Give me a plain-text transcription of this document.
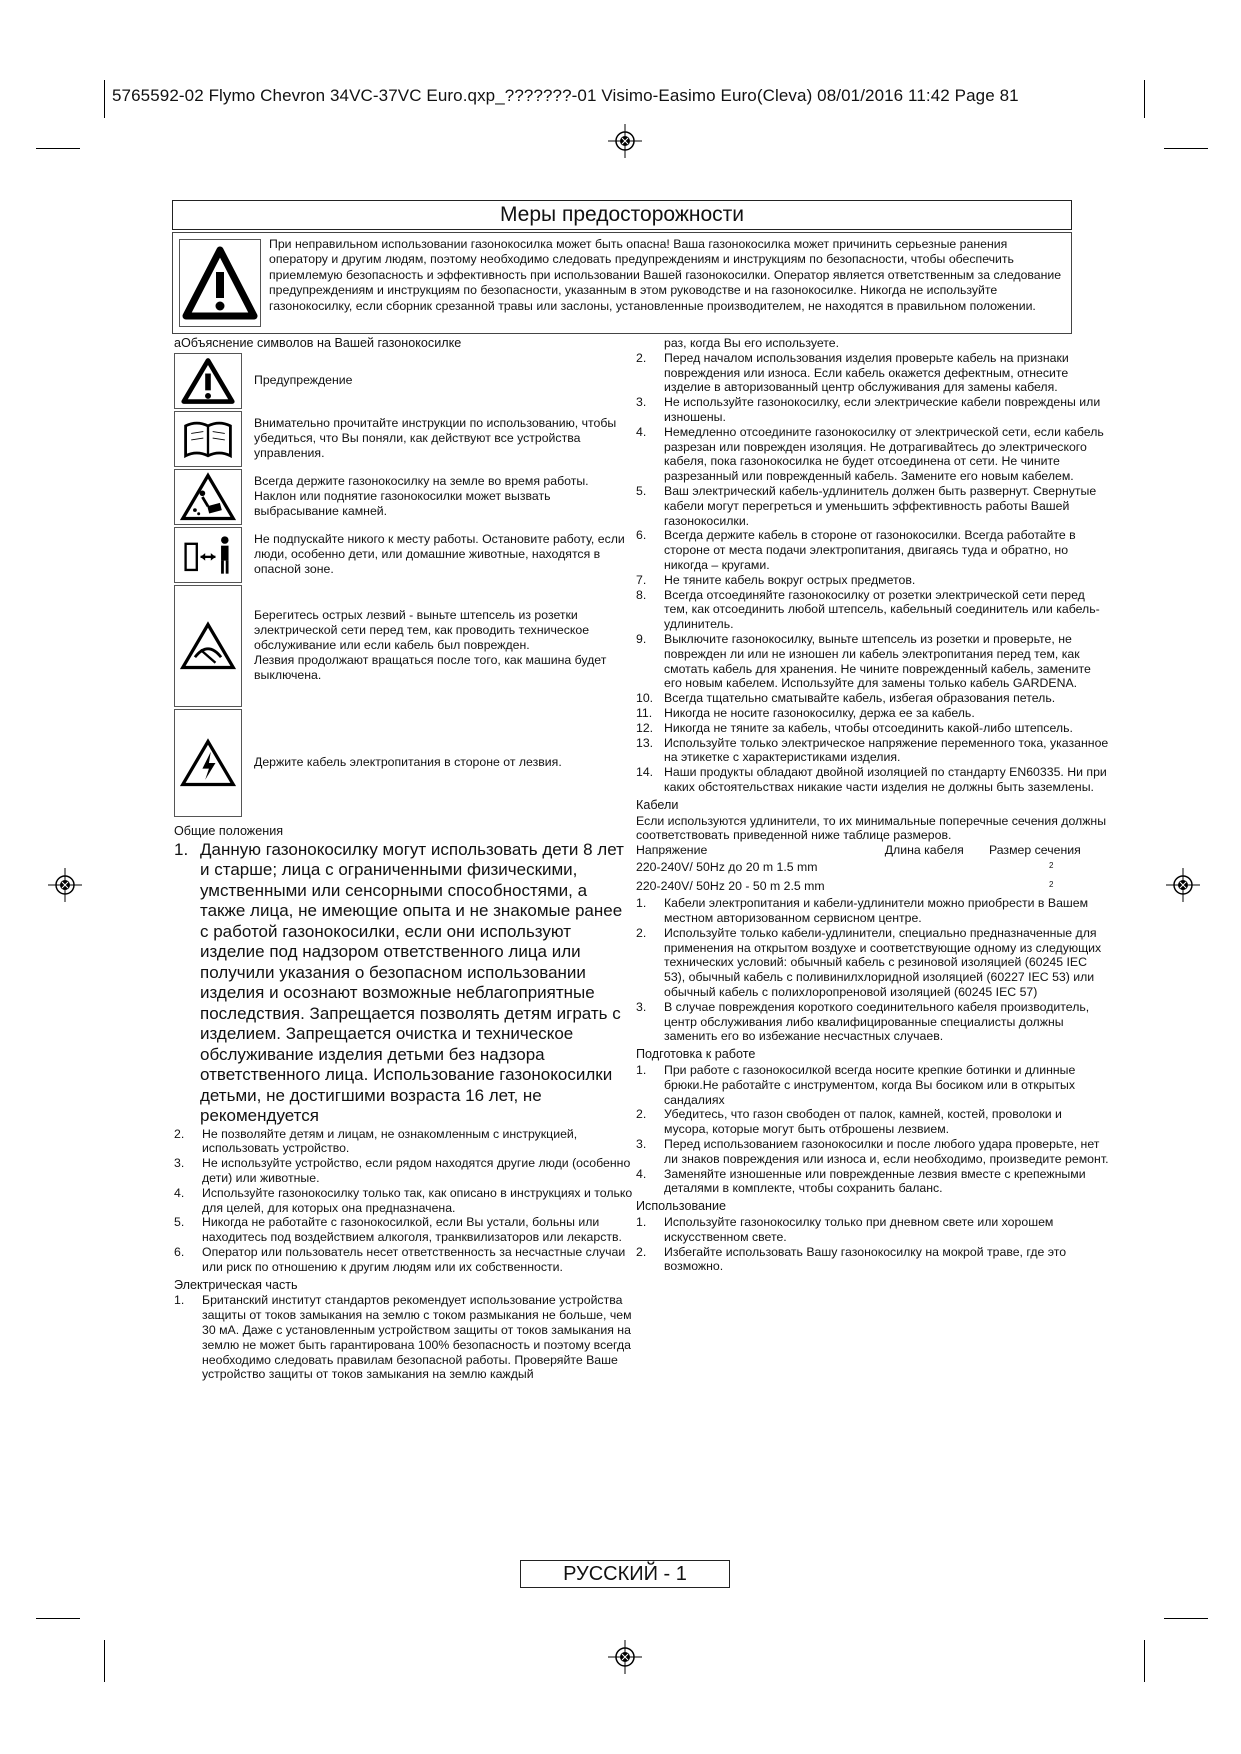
5765592-02 Flymo Chevron 34VC-37VC Euro.qxp_???????-01 Visimo-Easimo Euro(Cleva) 08/01/2016 11:42 Page 81
Меры предосторожности
При неправильном использовании газонокосилка может быть опасна! Ваша газонокосилка может причинить серьезные ранения оператору и другим людям, поэтому необходимо следовать предупреждениям и инструкциям по безопасности, чтобы обеспечить приемлемую безопасность и эффективность при использовании Вашей газонокосилки. Оператор является ответственным за следование предупреждениям и инструкциям по безопасности, указанным в этом руководстве и на газонокосилке. Никогда не используйте газонокосилку, если сборник срезанной травы или заслоны, установленные производителем, не находятся в правильном положении.
аОбъяснение символов на Вашей газонокосилке
Предупреждение
Внимательно прочитайте инструкции по использованию, чтобы убедиться, что Вы поняли, как действуют все устройства управления.
Всегда держите газонокосилку на земле во время работы. Наклон или поднятие газонокосилки может вызвать выбрасывание камней.
Не подпускайте никого к месту работы. Остановите работу, если люди, особенно дети, или домашние животные, находятся в опасной зоне.
Берегитесь острых лезвий - выньте штепсель из розетки электрической сети перед тем, как проводить техническое обслуживание или если кабель был поврежден.
Лезвия продолжают вращаться после того, как машина будет выключена.
Держите кабель электропитания в стороне от лезвия.
Общие положения
1. Данную газонокосилку могут использовать дети 8 лет и старше; лица с ограниченными физическими, умственными или сенсорными способностями, а также лица, не имеющие опыта и не знакомые ранее с работой газонокосилки, если они используют изделие под надзором ответственного лица или получили указания о безопасном использовании изделия и осознают возможные неблагоприятные последствия. Запрещается позволять детям играть с изделием. Запрещается очистка и техническое обслуживание изделия детьми без надзора ответственного лица. Использование газонокосилки детьми, не достигшими возраста 16 лет, не рекомендуется
2.	Не позволяйте детям и лицам, не ознакомленным с инструкцией, использовать устройство.
3.	Не используйте устройство, если рядом находятся другие люди (особенно дети) или животные.
4.	Используйте газонокосилку только так, как описано в инструкциях и только для целей, для которых она предназначена.
5.	Никогда не работайте с газонокосилкой, если Вы устали, больны или находитесь под воздействием алкоголя, транквилизаторов или лекарств.
6.	Оператор или пользователь несет ответственность за несчастные случаи или риск по отношению к другим людям или их собственности.
Электрическая часть
1.	Британский институт стандартов рекомендует использование устройства защиты от токов замыкания на землю с током размыкания не больше, чем 30 мА. Даже с установленным устройством защиты от токов замыкания на землю не может быть гарантирована 100% безопасность и поэтому всегда необходимо следовать правилам безопасной работы. Проверяйте Ваше устройство защиты от токов замыкания на землю каждый
раз, когда Вы его используете.
2.	Перед началом использования изделия проверьте кабель на признаки повреждения или износа. Если кабель окажется дефектным, отнесите изделие в авторизованный центр обслуживания для замены кабеля.
3.	Не используйте газонокосилку, если электрические кабели повреждены или изношены.
4.	Немедленно отсоедините газонокосилку от электрической сети, если кабель разрезан или поврежден изоляция. Не дотрагивайтесь до электрического кабеля, пока газонокосилка не будет отсоединена от сети. Не чините разрезанный или поврежденный кабель. Замените его новым кабелем.
5.	Ваш электрический кабель-удлинитель должен быть развернут. Свернутые кабели могут перегреться и уменьшить эффективность работы Вашей газонокосилки.
6.	Всегда держите кабель в стороне от газонокосилки. Всегда работайте в стороне от места подачи электропитания, двигаясь туда и обратно, но никогда – кругами.
7.	Не тяните кабель вокруг острых предметов.
8.	Всегда отсоединяйте газонокосилку от розетки электрической сети перед тем, как отсоединить любой штепсель, кабельный соединитель или кабель-удлинитель.
9.	Выключите газонокосилку, выньте штепсель из розетки и проверьте, не поврежден ли или не изношен ли кабель электропитания перед тем, как смотать кабель для хранения. Не чините поврежденный кабель, замените его новым кабелем. Используйте для замены только кабель GARDENA.
10. Всегда тщательно сматывайте кабель, избегая образования петель.
11. Никогда не носите газонокосилку, держа ее за кабель.
12. Никогда не тяните за кабель, чтобы отсоединить какой-либо штепсель.
13. Используйте только электрическое напряжение переменного тока, указанное на этикетке с характеристиками изделия.
14. Наши продукты обладают двойной изоляцией по стандарту EN60335. Ни при каких обстоятельствах никакие части изделия не должны быть заземлены.
Кабели
Если используются удлинители, то их минимальные поперечные сечения должны соответствовать приведенной ниже таблице размеров.
Напряжение	Длина кабеля	Размер сечения
220-240V/ 50Hz до 20 m 1.5 mm		$^2$
220-240V/ 50Hz 20 - 50 m 2.5 mm		$^2$
1.	Кабели электропитания и кабели-удлинители можно приобрести в Вашем местном авторизованном сервисном центре.
2.	Используйте только кабели-удлинители, специально предназначенные для применения на открытом воздухе и соответствующие одному из следующих технических условий: обычный кабель с резиновой изоляцией (60245 IEC 53), обычный кабель с поливинилхлоридной изоляцией (60227 IEC 53) или обычный кабель с полихлоропреновой изоляцией (60245 IEC 57)
3.	В случае повреждения короткого соединительного кабеля производитель, центр обслуживания либо квалифицированные специалисты должны заменить его во избежание несчастных случаев.
Подготовка к работе
1.	При работе с газонокосилкой всегда носите крепкие ботинки и длинные брюки.Не работайте с инструментом, когда Вы босиком или в открытых сандалиях
2.	Убедитесь, что газон свободен от палок, камней, костей, проволоки и мусора, которые могут быть отброшены лезвием.
3.	Перед использованием газонокосилки и после любого удара проверьте, нет ли знаков повреждения или износа и, если необходимо, произведите ремонт.
4.	Заменяйте изношенные или поврежденные лезвия вместе с крепежными деталями в комплекте, чтобы сохранить баланс.
Использование
1.	Используйте газонокосилку только при дневном свете или хорошем искусственном свете.
2.	Избегайте использовать Вашу газонокосилку на мокрой траве, где это возможно.
РУССКИЙ - 1
